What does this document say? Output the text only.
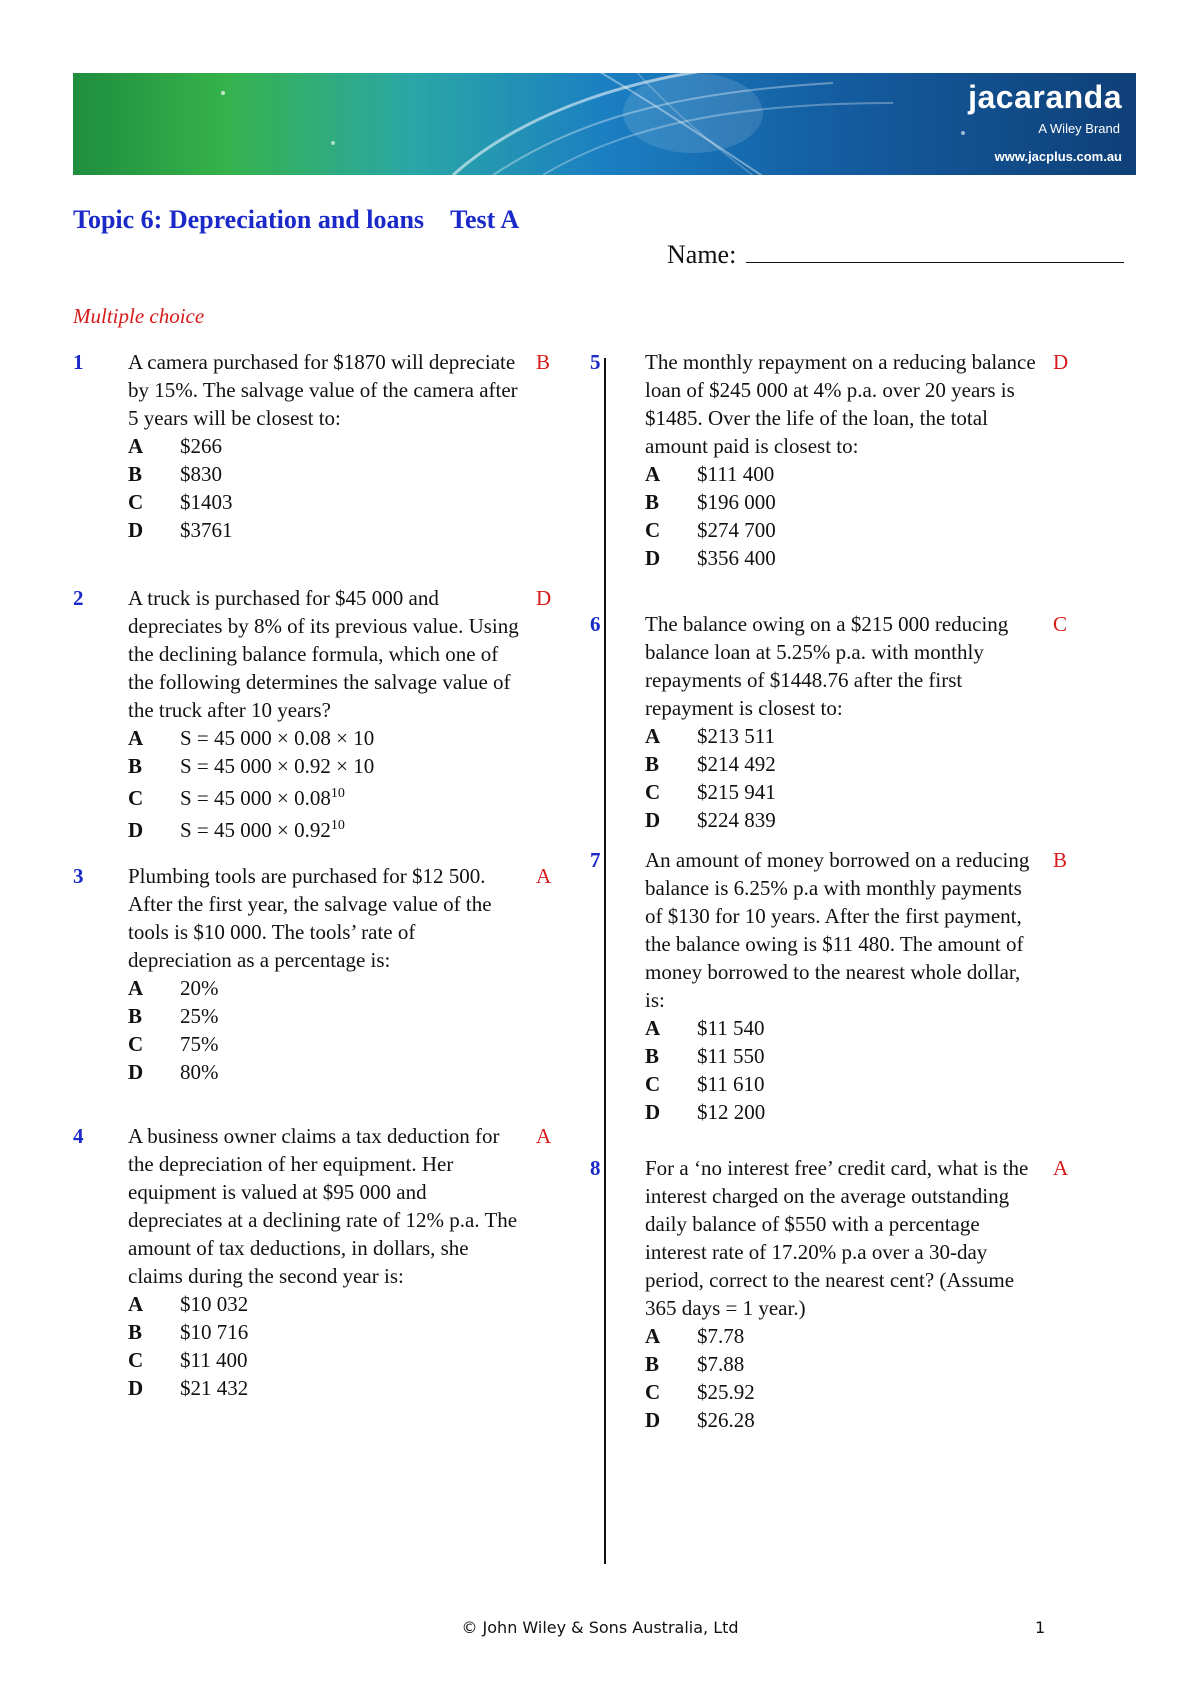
jacaranda
A Wiley Brand
www.jacplus.com.au
Topic 6: Depreciation and loans Test A
Name:
Multiple choice
1 A camera purchased for $1870 will depreciate by 15%. The salvage value of the camera after 5 years will be closest to:
A $266
B $830
C $1403
D $3761
B
2 A truck is purchased for $45 000 and depreciates by 8% of its previous value. Using the declining balance formula, which one of the following determines the salvage value of the truck after 10 years?
A S = 45 000 × 0.08 × 10
B S = 45 000 × 0.92 × 10
C S = 45 $000 \times 0.08^{10}$
D S = 45 $000 \times 0.92^{10}$
D
3 Plumbing tools are purchased for $12 500. After the first year, the salvage value of the tools is $10 000. The tools’ rate of depreciation as a percentage is:
A 20%
B 25%
C 75%
D 80%
A
4 A business owner claims a tax deduction for the depreciation of her equipment. Her equipment is valued at $95 000 and depreciates at a declining rate of 12% p.a. The amount of tax deductions, in dollars, she claims during the second year is:
A $10 032
B $10 716
C $11 400
D $21 432
A
5 The monthly repayment on a reducing balance loan of $245 000 at 4% p.a. over 20 years is $1485. Over the life of the loan, the total amount paid is closest to:
A $111 400
B $196 000
C $274 700
D $356 400
D
6 The balance owing on a $215 000 reducing balance loan at 5.25% p.a. with monthly repayments of $1448.76 after the first repayment is closest to:
A $213 511
B $214 492
C $215 941
D $224 839
C
7 An amount of money borrowed on a reducing balance is 6.25% p.a with monthly payments of $130 for 10 years. After the first payment, the balance owing is $11 480. The amount of money borrowed to the nearest whole dollar, is:
A $11 540
B $11 550
C $11 610
D $12 200
B
8 For a ‘no interest free’ credit card, what is the interest charged on the average outstanding daily balance of $550 with a percentage interest rate of 17.20% p.a over a 30-day period, correct to the nearest cent? (Assume 365 days = 1 year.)
A $7.78
B $7.88
C $25.92
D $26.28
A
© John Wiley & Sons Australia, Ltd	1
